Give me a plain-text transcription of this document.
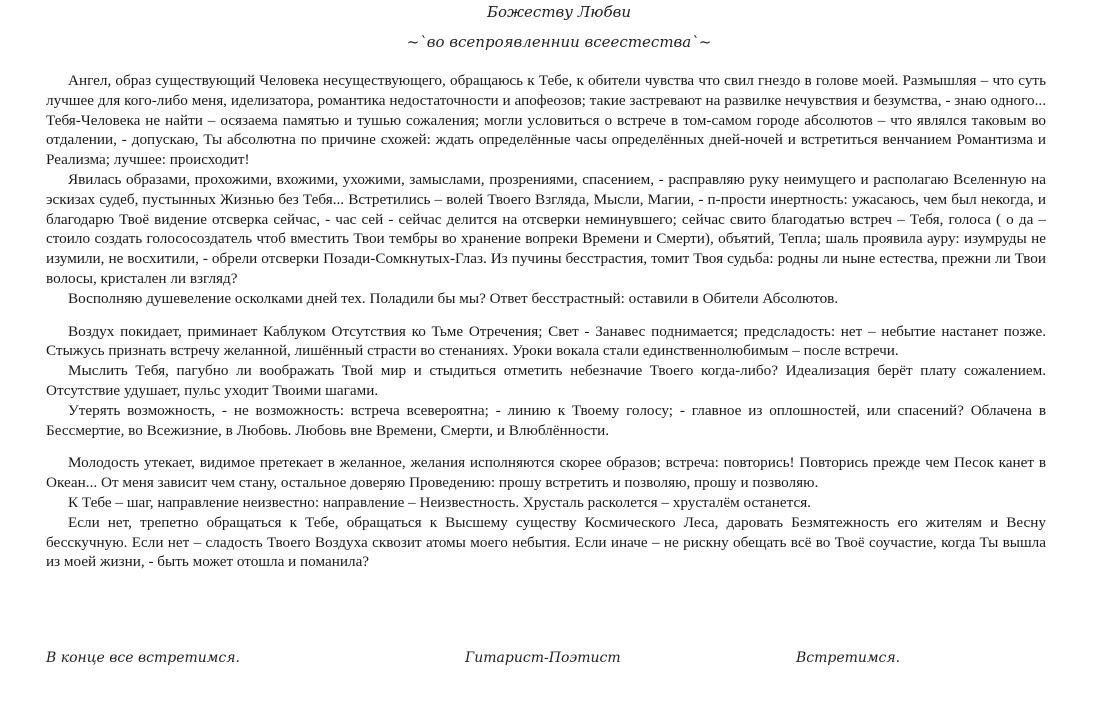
Божеству Любви
~`во всепроявленнии всеестества`~

Ангел, образ существующий Человека несуществующего, обращаюсь к Тебе, к обители чувства что свил гнездо в голове моей. Размышляя – что суть лучшее для кого-либо меня, иделизатора, романтика недостаточности и апофеозов; такие застревают на развилке нечувствия и безумства, - знаю одного... Тебя-Человека не найти – осязаема памятью и тушью сожаления; могли условиться о встрече в том-самом городе абсолютов – что являлся таковым во отдалении, - допускаю, Ты абсолютна по причине схожей: ждать определённые часы определённых дней-ночей и встретиться венчанием Романтизма и Реализма; лучшее: происходит!

Явилась образами, прохожими, вхожими, ухожими, замыслами, прозрениями, спасением, - расправляю руку неимущего и располагаю Вселенную на эскизах судеб, пустынных Жизнью без Тебя... Встретились – волей Твоего Взгляда, Мысли, Магии, - п-прости инертность: ужасаюсь, чем был некогда, и благодарю Твоё видение отсверка сейчас, - час сей - сейчас делится на отсверки неминувшего; сейчас свито благодатью встреч – Тебя, голоса ( о да – стоило создать голососоздатель чтоб вместить Твои тембры во хранение вопреки Времени и Смерти), объятий, Тепла; шаль проявила ауру: изумруды не изумили, не восхитили, - обрели отсверки Позади-Сомкнутых-Глаз. Из пучины бесстрастия, томит Твоя судьба: родны ли ныне естества, прежни ли Твои волосы, кристален ли взгляд?

Восполняю душевеление осколками дней тех. Поладили бы мы? Ответ бесстрастный: оставили в Обители Абсолютов.

Воздух покидает, приминает Каблуком Отсутствия ко Тьме Отречения; Свет - Занавес поднимается; предсладость: нет – небытие настанет позже. Стыжусь признать встречу желанной, лишённый страсти во стенаниях. Уроки вокала стали единственнолюбимым – после встречи.

Мыслить Тебя, пагубно ли воображать Твой мир и стыдиться отметить небезначие Твоего когда-либо? Идеализация берёт плату сожалением. Отсутствие удушает, пульс уходит Твоими шагами.

Утерять возможность, - не возможность: встреча всевероятна; - линию к Твоему голосу; - главное из оплошностей, или спасений? Облачена в Бессмертие, во Всежизние, в Любовь. Любовь вне Времени, Смерти, и Влюблённости.

Молодость утекает, видимое претекает в желанное, желания исполняются скорее образов; встреча: повторись! Повторись прежде чем Песок канет в Океан... От меня зависит чем стану, остальное доверяю Проведению: прошу встретить и позволяю, прошу и позволяю.

К Тебе – шаг, направление неизвестно: направление – Неизвестность. Хрусталь расколется – хрусталём останется.

Если нет, трепетно обращаться к Тебе, обращаться к Высшему существу Космического Леса, даровать Безмятежность его жителям и Весну бесскучную. Если нет – сладость Твоего Воздуха сквозит атомы моего небытия. Если иначе – не рискну обещать всё во Твоё соучастие, когда Ты вышла из моей жизни, - быть может отошла и поманила?

В конце все встретимся.	Гитарист-Поэтист	Встретимся.
